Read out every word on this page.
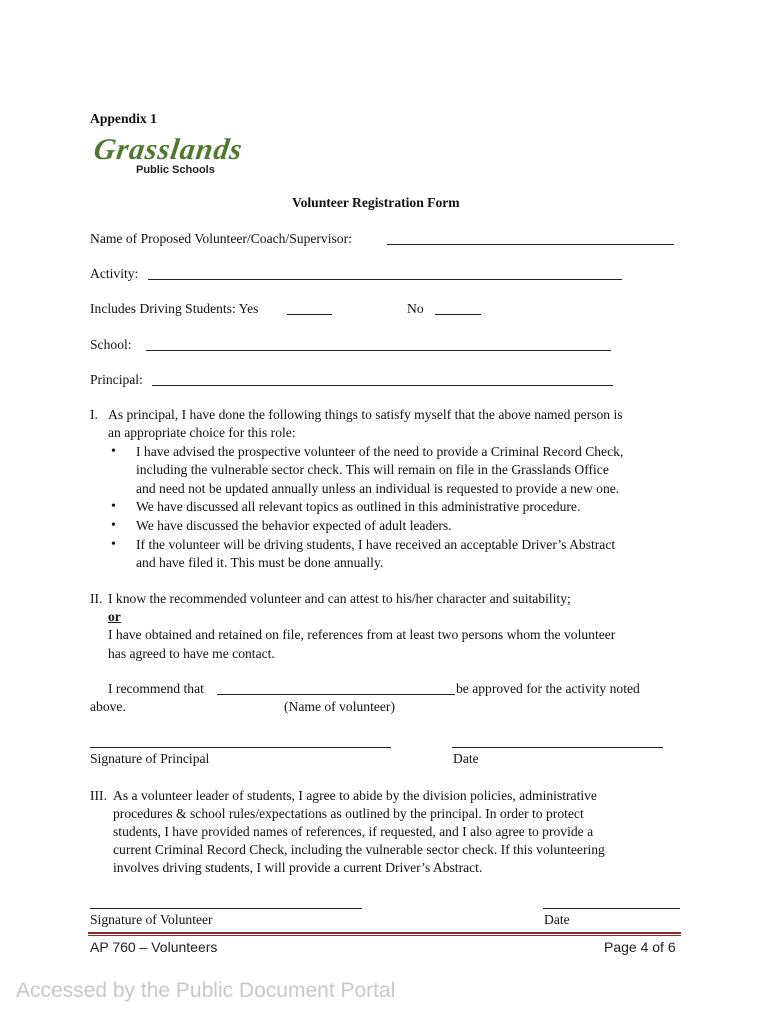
Appendix 1
Grasslands
Public Schools
Volunteer Registration Form
Name of Proposed Volunteer/Coach/Supervisor:
Activity:
Includes Driving Students: Yes	No
School:
Principal:
I. As principal, I have done the following things to satisfy myself that the above named person is
an appropriate choice for this role:
• I have advised the prospective volunteer of the need to provide a Criminal Record Check,
including the vulnerable sector check. This will remain on file in the Grasslands Office
and need not be updated annually unless an individual is requested to provide a new one.
• We have discussed all relevant topics as outlined in this administrative procedure.
• We have discussed the behavior expected of adult leaders.
• If the volunteer will be driving students, I have received an acceptable Driver’s Abstract
and have filed it. This must be done annually.
II. I know the recommended volunteer and can attest to his/her character and suitability;
or
I have obtained and retained on file, references from at least two persons whom the volunteer
has agreed to have me contact.
I recommend that	be approved for the activity noted
above.	(Name of volunteer)
Signature of Principal	Date
III. As a volunteer leader of students, I agree to abide by the division policies, administrative
procedures & school rules/expectations as outlined by the principal. In order to protect
students, I have provided names of references, if requested, and I also agree to provide a
current Criminal Record Check, including the vulnerable sector check. If this volunteering
involves driving students, I will provide a current Driver’s Abstract.
Signature of Volunteer	Date
AP 760 – Volunteers	Page 4 of 6
Accessed by the Public Document Portal
